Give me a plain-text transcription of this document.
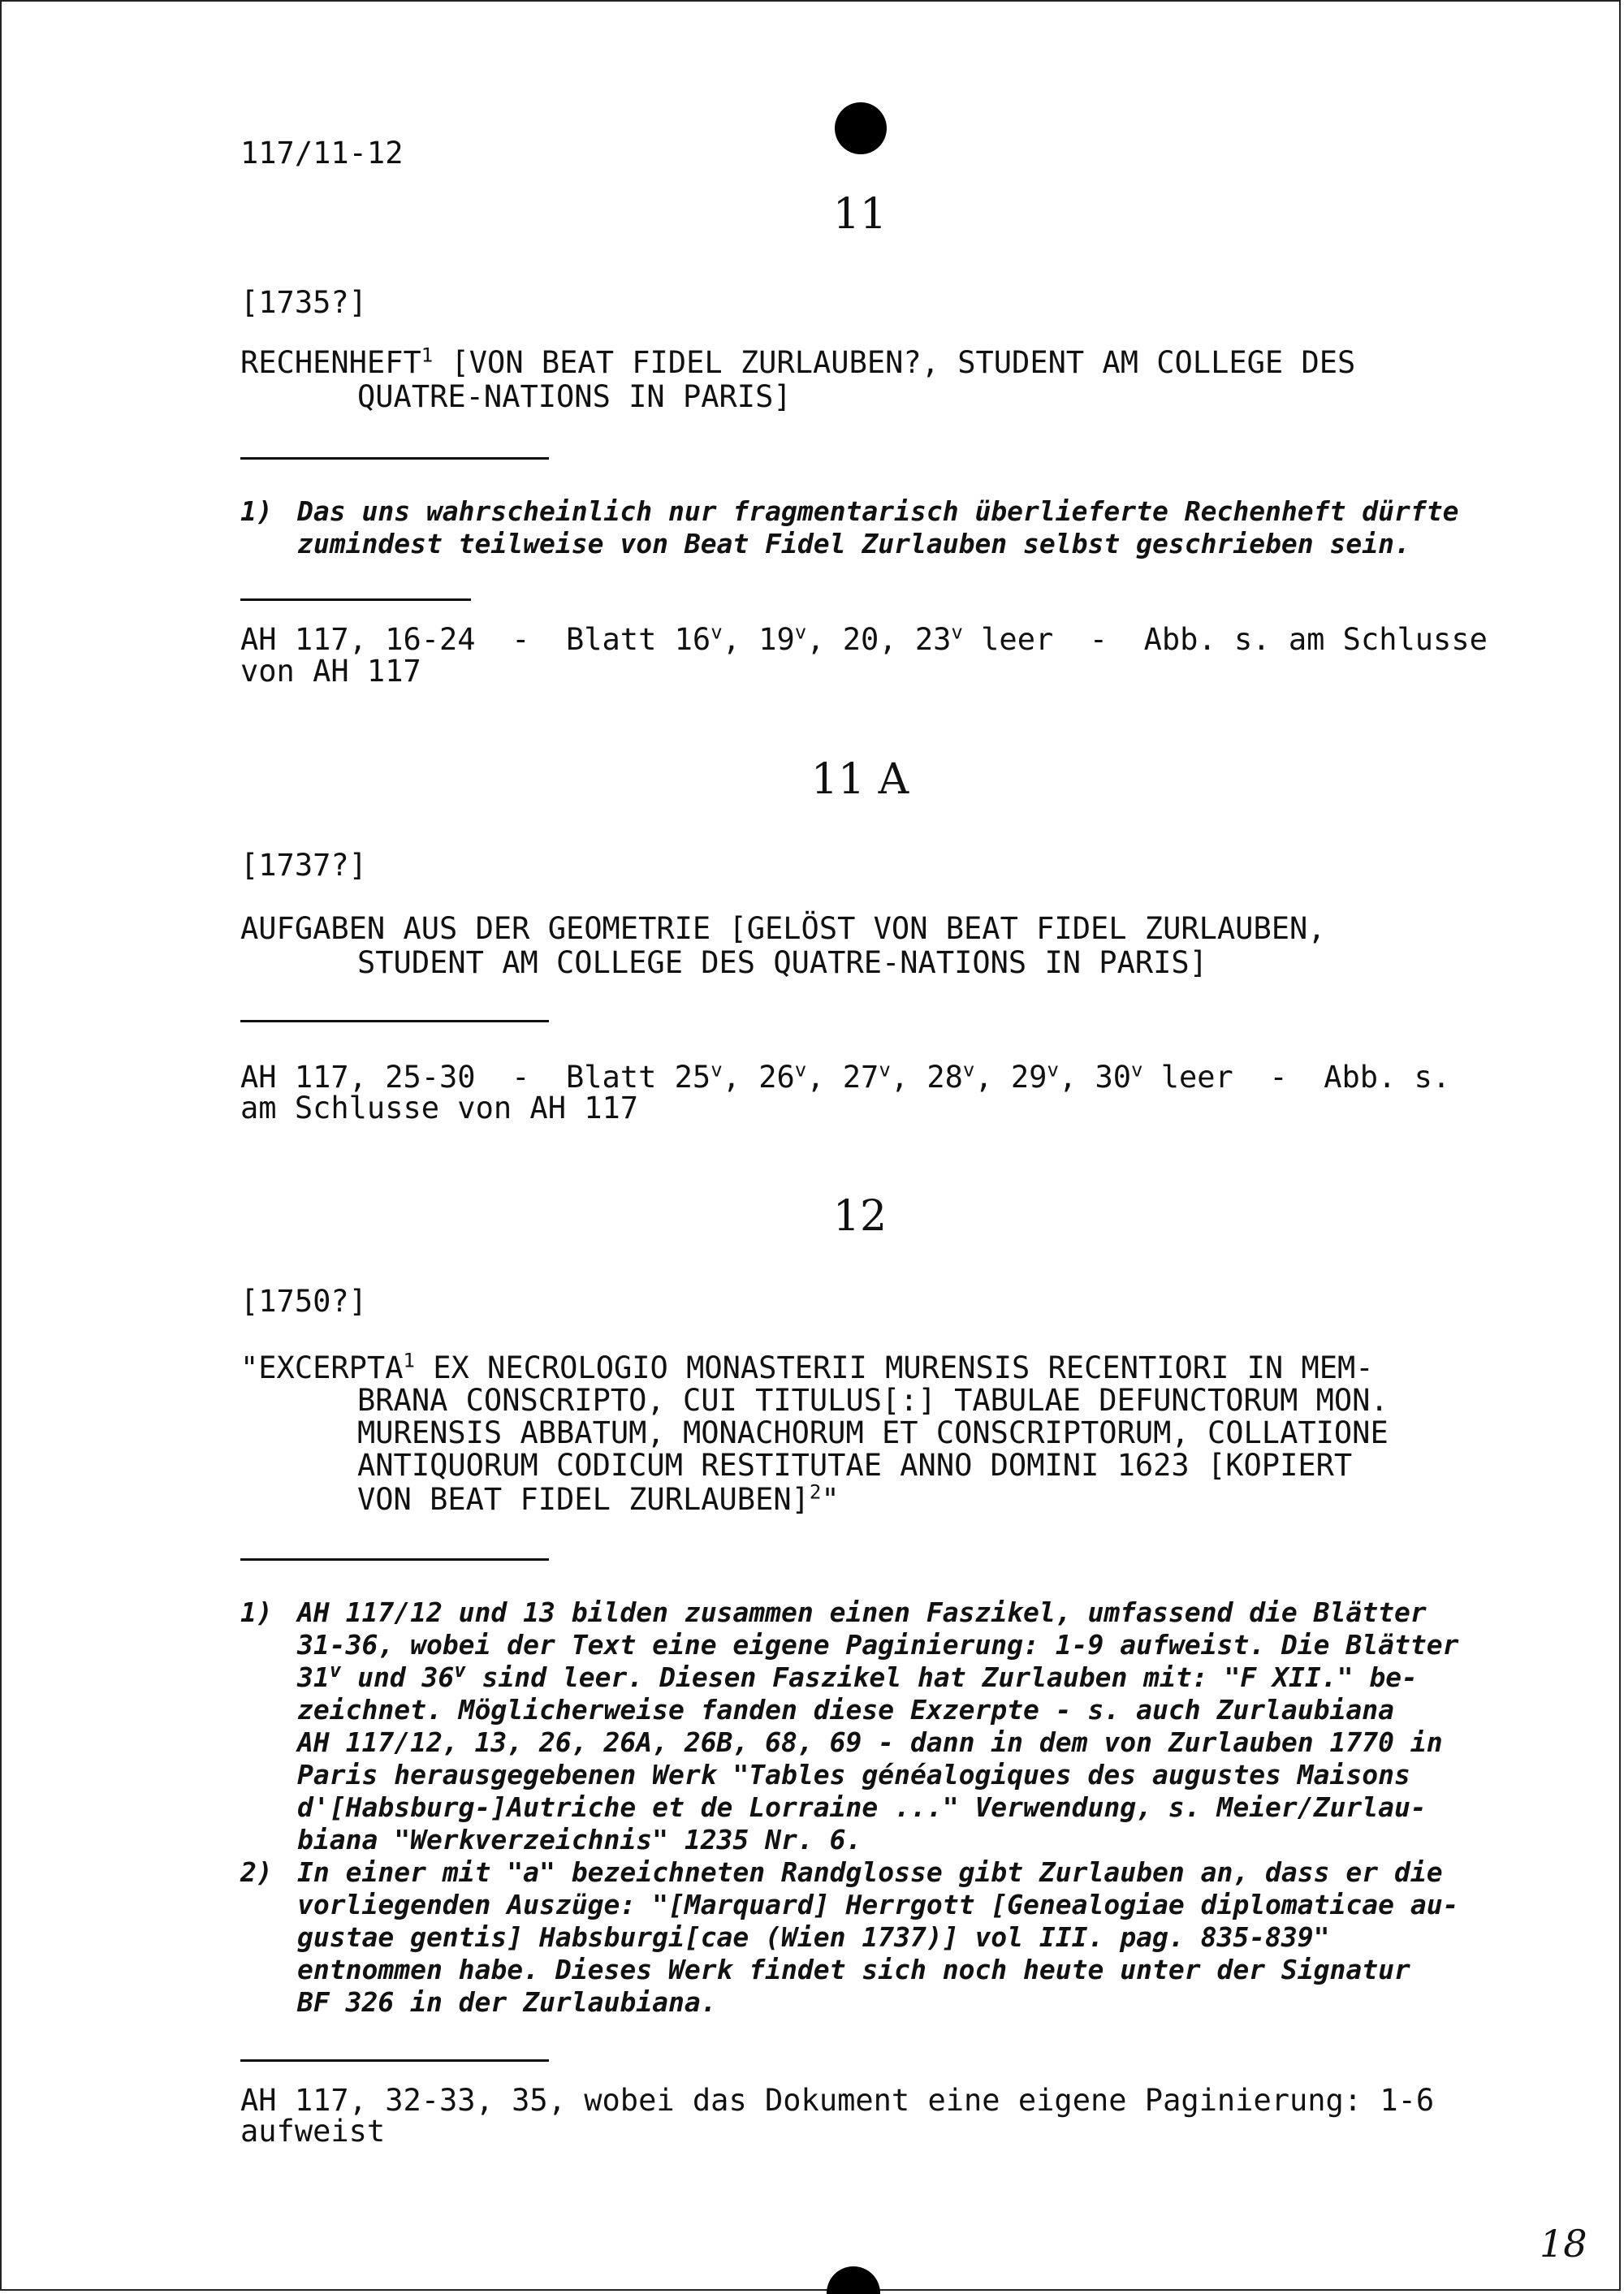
117/11-12
11
[1735?]
RECHENHEFT$^1$ [VON BEAT FIDEL ZURLAUBEN?, STUDENT AM COLLEGE DES
QUATRE-NATIONS IN PARIS]
1) Das uns wahrscheinlich nur fragmentarisch überlieferte Rechenheft dürfte
zumindest teilweise von Beat Fidel Zurlauben selbst geschrieben sein.
AH 117, 16-24  -  Blatt 16$^v$, 19$^v$, 20, 23$^v$ leer  -  Abb. s. am Schlusse
von AH 117
11 A
[1737?]
AUFGABEN AUS DER GEOMETRIE [GELÖST VON BEAT FIDEL ZURLAUBEN,
STUDENT AM COLLEGE DES QUATRE-NATIONS IN PARIS]
AH 117, 25-30  -  Blatt 25$^v$, 26$^v$, 27$^v$, 28$^v$, 29$^v$, 30$^v$ leer  -  Abb. s.
am Schlusse von AH 117
12
[1750?]
"EXCERPTA$^1$ EX NECROLOGIO MONASTERII MURENSIS RECENTIORI IN MEM-
BRANA CONSCRIPTO, CUI TITULUS[:] TABULAE DEFUNCTORUM MON.
MURENSIS ABBATUM, MONACHORUM ET CONSCRIPTORUM, COLLATIONE
ANTIQUORUM CODICUM RESTITUTAE ANNO DOMINI 1623 [KOPIERT
VON BEAT FIDEL ZURLAUBEN]$^2$"
1) AH 117/12 und 13 bilden zusammen einen Faszikel, umfassend die Blätter
31-36, wobei der Text eine eigene Paginierung: 1-9 aufweist. Die Blätter
31$^v$ und 36$^v$ sind leer. Diesen Faszikel hat Zurlauben mit: "F XII." be-
zeichnet. Möglicherweise fanden diese Exzerpte - s. auch Zurlaubiana
AH 117/12, 13, 26, 26A, 26B, 68, 69 - dann in dem von Zurlauben 1770 in
Paris herausgegebenen Werk "Tables généalogiques des augustes Maisons
d'[Habsburg-]Autriche et de Lorraine ..." Verwendung, s. Meier/Zurlau-
biana "Werkverzeichnis" 1235 Nr. 6.
2) In einer mit "a" bezeichneten Randglosse gibt Zurlauben an, dass er die
vorliegenden Auszüge: "[Marquard] Herrgott [Genealogiae diplomaticae au-
gustae gentis] Habsburgi[cae (Wien 1737)] vol III. pag. 835-839"
entnommen habe. Dieses Werk findet sich noch heute unter der Signatur
BF 326 in der Zurlaubiana.
AH 117, 32-33, 35, wobei das Dokument eine eigene Paginierung: 1-6
aufweist
18
